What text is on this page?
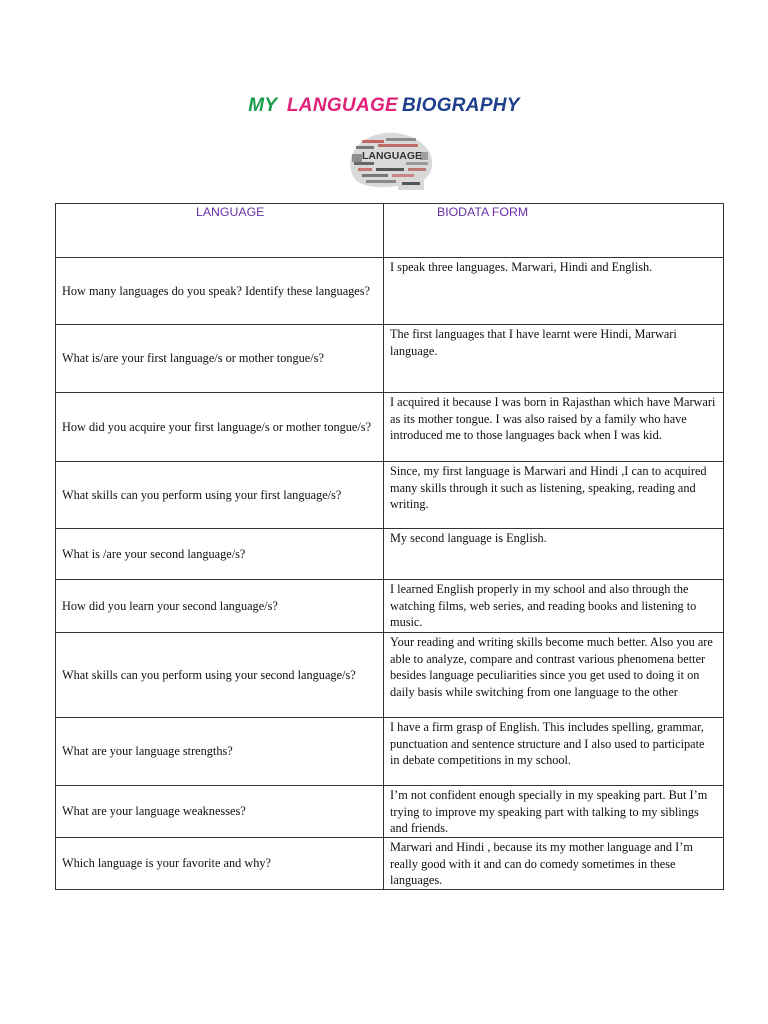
MY LANGUAGE BIOGRAPHY
LANGUAGE
LANGUAGE	BIODATA FORM
How many languages do you speak? Identify these languages?	I speak three languages. Marwari, Hindi and English.
What is/are your first language/s or mother tongue/s?	The first languages that I have learnt were Hindi, Marwari language.
How did you acquire your first language/s or mother tongue/s?	I acquired it because I was born in Rajasthan which have Marwari as its mother tongue. I was also raised by a family who have introduced me to those languages back when I was kid.

What skills can you perform using your first language/s?	Since, my first language is Marwari and Hindi ,I can to acquired many skills through it such as listening, speaking, reading and writing.
What is /are your second language/s?	My second language is English.
How did you learn your second language/s?	I learned English properly in my school and also through the watching films, web series, and reading books and listening to music.

What skills can you perform using your second language/s?	Your reading and writing skills become much better. Also you are able to analyze, compare and contrast various phenomena better besides language peculiarities since you get used to doing it on daily basis while switching from one language to the other

What are your language strengths?	I have a firm grasp of English. This includes spelling, grammar, punctuation and sentence structure and I also used to participate in debate competitions in my school.

What are your language weaknesses?	I’m not confident enough specially in my speaking part. But I’m trying to improve my speaking part with talking to my siblings and friends.

Which language is your favorite and why?	Marwari and Hindi , because its my mother language and I’m really good with it and can do comedy sometimes in these languages.
